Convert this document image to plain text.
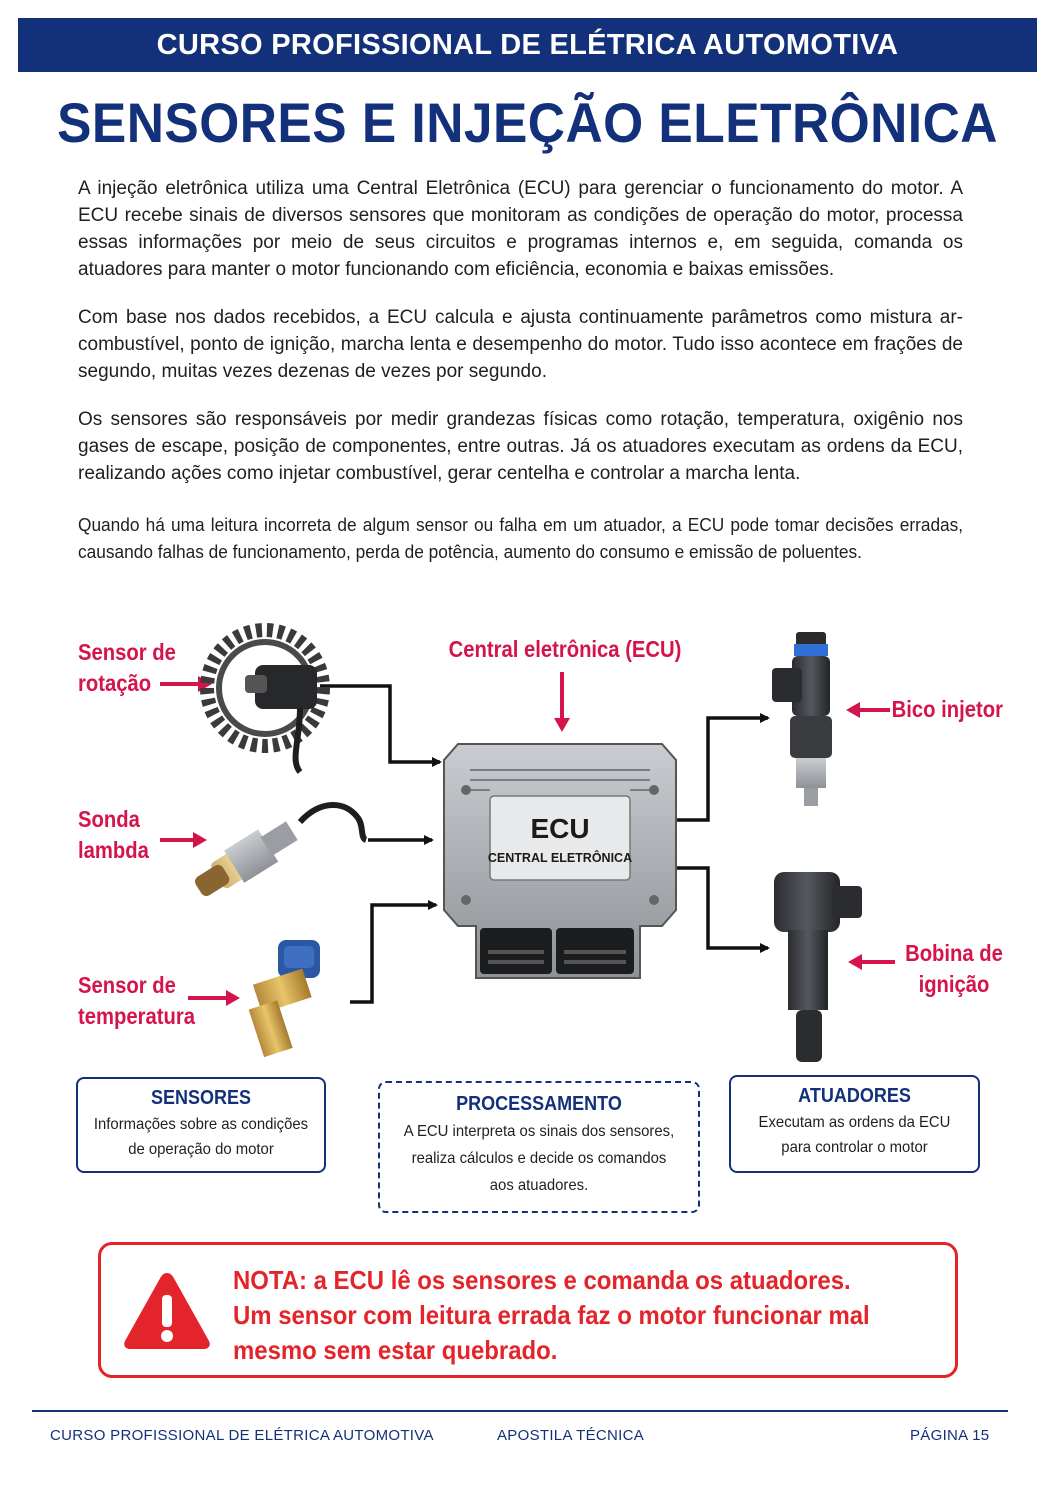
CURSO PROFISSIONAL DE ELÉTRICA AUTOMOTIVA
SENSORES E INJEÇÃO ELETRÔNICA

A injeção eletrônica utiliza uma Central Eletrônica (ECU) para gerenciar o funcionamento do motor. A ECU recebe sinais de diversos sensores que monitoram as condições de operação do motor, processa essas informações por meio de seus circuitos e programas internos e, em seguida, comanda os atuadores para manter o motor funcionando com eficiência, economia e baixas emissões.

Com base nos dados recebidos, a ECU calcula e ajusta continuamente parâmetros como mistura ar-combustível, ponto de ignição, marcha lenta e desempenho do motor. Tudo isso acontece em frações de segundo, muitas vezes dezenas de vezes por segundo.

Os sensores são responsáveis por medir grandezas físicas como rotação, temperatura, oxigênio nos gases de escape, posição de componentes, entre outras. Já os atuadores executam as ordens da ECU, realizando ações como injetar combustível, gerar centelha e controlar a marcha lenta.

Quando há uma leitura incorreta de algum sensor ou falha em um atuador, a ECU pode tomar decisões erradas, causando falhas de funcionamento, perda de potência, aumento do consumo e emissão de poluentes.

ECU
CENTRAL ELETRÔNICA
Sensor de
rotação
Sonda
lambda
Sensor de
temperatura
Central eletrônica (ECU)
Bico injetor
Bobina de
ignição
SENSORES
Informações sobre as condições
de operação do motor
PROCESSAMENTO
A ECU interpreta os sinais dos sensores,
realiza cálculos e decide os comandos
aos atuadores.
ATUADORES
Executam as ordens da ECU
para controlar o motor
NOTA: a ECU lê os sensores e comanda os atuadores.
Um sensor com leitura errada faz o motor funcionar mal
mesmo sem estar quebrado.
CURSO PROFISSIONAL DE ELÉTRICA AUTOMOTIVA	APOSTILA TÉCNICA	PÁGINA 15
